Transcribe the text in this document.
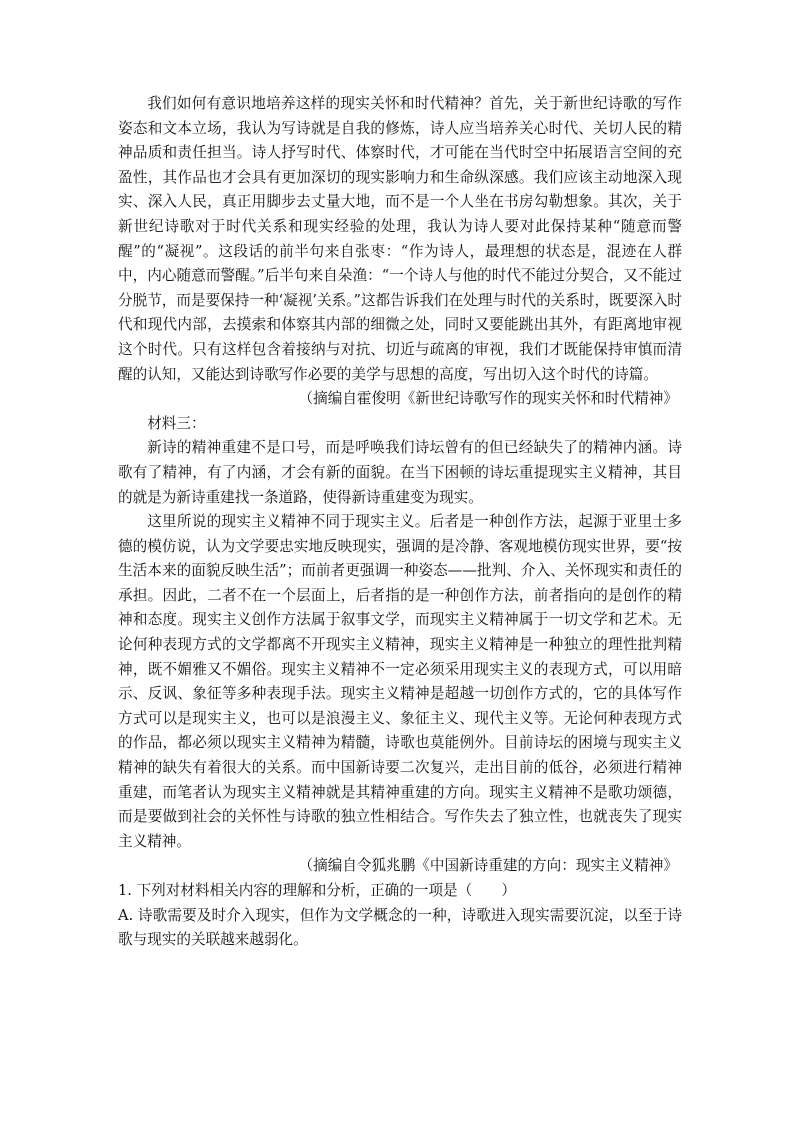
我们如何有意识地培养这样的现实关怀和时代精神？首先，关于新世纪诗歌的写作姿态和文本立场，我认为写诗就是自我的修炼，诗人应当培养关心时代、关切人民的精神品质和责任担当。诗人抒写时代、体察时代，才可能在当代时空中拓展语言空间的充盈性，其作品也才会具有更加深切的现实影响力和生命纵深感。我们应该主动地深入现实、深入人民，真正用脚步去丈量大地，而不是一个人坐在书房勾勒想象。其次，关于新世纪诗歌对于时代关系和现实经验的处理，我认为诗人要对此保持某种“随意而警醒”的“凝视”。这段话的前半句来自张枣：“作为诗人，最理想的状态是，混迹在人群中，内心随意而警醒。”后半句来自朵渔：“一个诗人与他的时代不能过分契合，又不能过分脱节，而是要保持一种‘凝视’关系。”这都告诉我们在处理与时代的关系时，既要深入时代和现代内部，去摸索和体察其内部的细微之处，同时又要能跳出其外，有距离地审视这个时代。只有这样包含着接纳与对抗、切近与疏离的审视，我们才既能保持审慎而清醒的认知，又能达到诗歌写作必要的美学与思想的高度，写出切入这个时代的诗篇。

（摘编自霍俊明《新世纪诗歌写作的现实关怀和时代精神》

材料三：

新诗的精神重建不是口号，而是呼唤我们诗坛曾有的但已经缺失了的精神内涵。诗歌有了精神，有了内涵，才会有新的面貌。在当下困顿的诗坛重提现实主义精神，其目的就是为新诗重建找一条道路，使得新诗重建变为现实。

这里所说的现实主义精神不同于现实主义。后者是一种创作方法，起源于亚里士多德的模仿说，认为文学要忠实地反映现实，强调的是冷静、客观地模仿现实世界，要“按生活本来的面貌反映生活”；而前者更强调一种姿态——批判、介入、关怀现实和责任的承担。因此，二者不在一个层面上，后者指的是一种创作方法，前者指向的是创作的精神和态度。现实主义创作方法属于叙事文学，而现实主义精神属于一切文学和艺术。无论何种表现方式的文学都离不开现实主义精神，现实主义精神是一种独立的理性批判精神，既不媚雅又不媚俗。现实主义精神不一定必须采用现实主义的表现方式，可以用暗示、反讽、象征等多种表现手法。现实主义精神是超越一切创作方式的，它的具体写作方式可以是现实主义，也可以是浪漫主义、象征主义、现代主义等。无论何种表现方式的作品，都必须以现实主义精神为精髓，诗歌也莫能例外。目前诗坛的困境与现实主义精神的缺失有着很大的关系。而中国新诗要二次复兴，走出目前的低谷，必须进行精神重建，而笔者认为现实主义精神就是其精神重建的方向。现实主义精神不是歌功颂德，而是要做到社会的关怀性与诗歌的独立性相结合。写作失去了独立性，也就丧失了现实主义精神。

（摘编自令狐兆鹏《中国新诗重建的方向：现实主义精神》

1. 下列对材料相关内容的理解和分析，正确的一项是（　　）

A. 诗歌需要及时介入现实，但作为文学概念的一种，诗歌进入现实需要沉淀，以至于诗歌与现实的关联越来越弱化。
